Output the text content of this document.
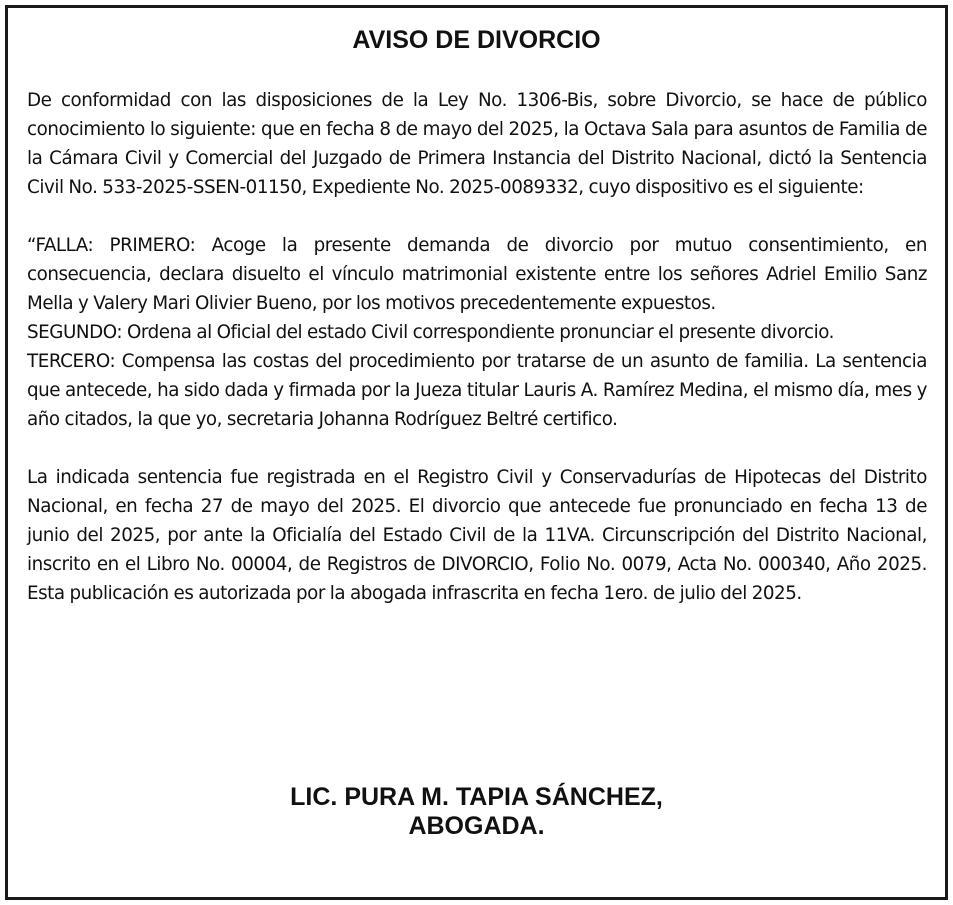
AVISO DE DIVORCIO

De conformidad con las disposiciones de la Ley No. 1306-Bis, sobre Divorcio, se hace de público conocimiento lo siguiente: que en fecha 8 de mayo del 2025, la Octava Sala para asuntos de Familia de la Cámara Civil y Comercial del Juzgado de Primera Instancia del Distrito Nacional, dictó la Sentencia Civil No. 533-2025-SSEN-01150, Expediente No. 2025-0089332, cuyo dispositivo es el siguiente:

“FALLA: PRIMERO: Acoge la presente demanda de divorcio por mutuo consentimiento, en consecuencia, declara disuelto el vínculo matrimonial existente entre los señores Adriel Emilio Sanz Mella y Valery Mari Olivier Bueno, por los motivos precedentemente expuestos.

SEGUNDO: Ordena al Oficial del estado Civil correspondiente pronunciar el presente divorcio.

TERCERO: Compensa las costas del procedimiento por tratarse de un asunto de familia. La sentencia que antecede, ha sido dada y firmada por la Jueza titular Lauris A. Ramírez Medina, el mismo día, mes y año citados, la que yo, secretaria Johanna Rodríguez Beltré certifico.

La indicada sentencia fue registrada en el Registro Civil y Conservadurías de Hipotecas del Distrito Nacional, en fecha 27 de mayo del 2025. El divorcio que antecede fue pronunciado en fecha 13 de junio del 2025, por ante la Oficialía del Estado Civil de la 11VA. Circunscripción del Distrito Nacional, inscrito en el Libro No. 00004, de Registros de DIVORCIO, Folio No. 0079, Acta No. 000340, Año 2025. Esta publicación es autorizada por la abogada infrascrita en fecha 1ero. de julio del 2025.

LIC. PURA M. TAPIA SÁNCHEZ,
ABOGADA.
